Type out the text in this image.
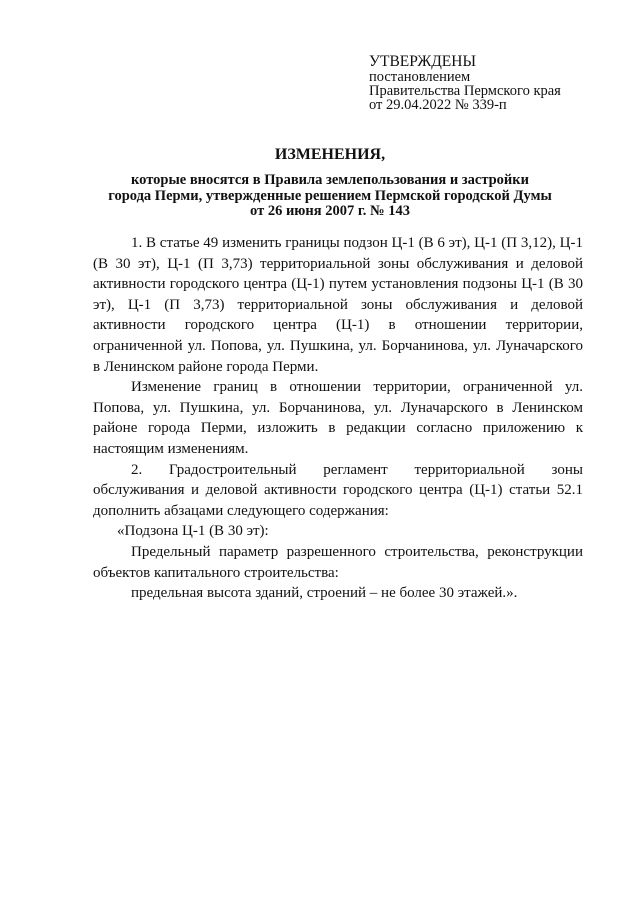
УТВЕРЖДЕНЫ
постановлением
Правительства Пермского края
от 29.04.2022 № 339-п
ИЗМЕНЕНИЯ,
которые вносятся в Правила землепользования и застройки
города Перми, утвержденные решением Пермской городской Думы
от 26 июня 2007 г. № 143

1. В статье 49 изменить границы подзон Ц-1 (В 6 эт), Ц-1 (П 3,12), Ц-1 (В 30 эт), Ц-1 (П 3,73) территориальной зоны обслуживания и деловой активности городского центра (Ц-1) путем установления подзоны Ц-1 (В 30 эт), Ц-1 (П 3,73) территориальной зоны обслуживания и деловой активности городского центра (Ц-1) в отношении территории, ограниченной ул. Попова, ул. Пушкина, ул. Борчанинова, ул. Луначарского в Ленинском районе города Перми.

Изменение границ в отношении территории, ограниченной ул. Попова, ул. Пушкина, ул. Борчанинова, ул. Луначарского в Ленинском районе города Перми, изложить в редакции согласно приложению к настоящим изменениям.

2. Градостроительный регламент территориальной зоны обслуживания и деловой активности городского центра (Ц-1) статьи 52.1 дополнить абзацами следующего содержания:

«Подзона Ц-1 (В 30 эт):

Предельный параметр разрешенного строительства, реконструкции объектов капитального строительства:

предельная высота зданий, строений – не более 30 этажей.».
